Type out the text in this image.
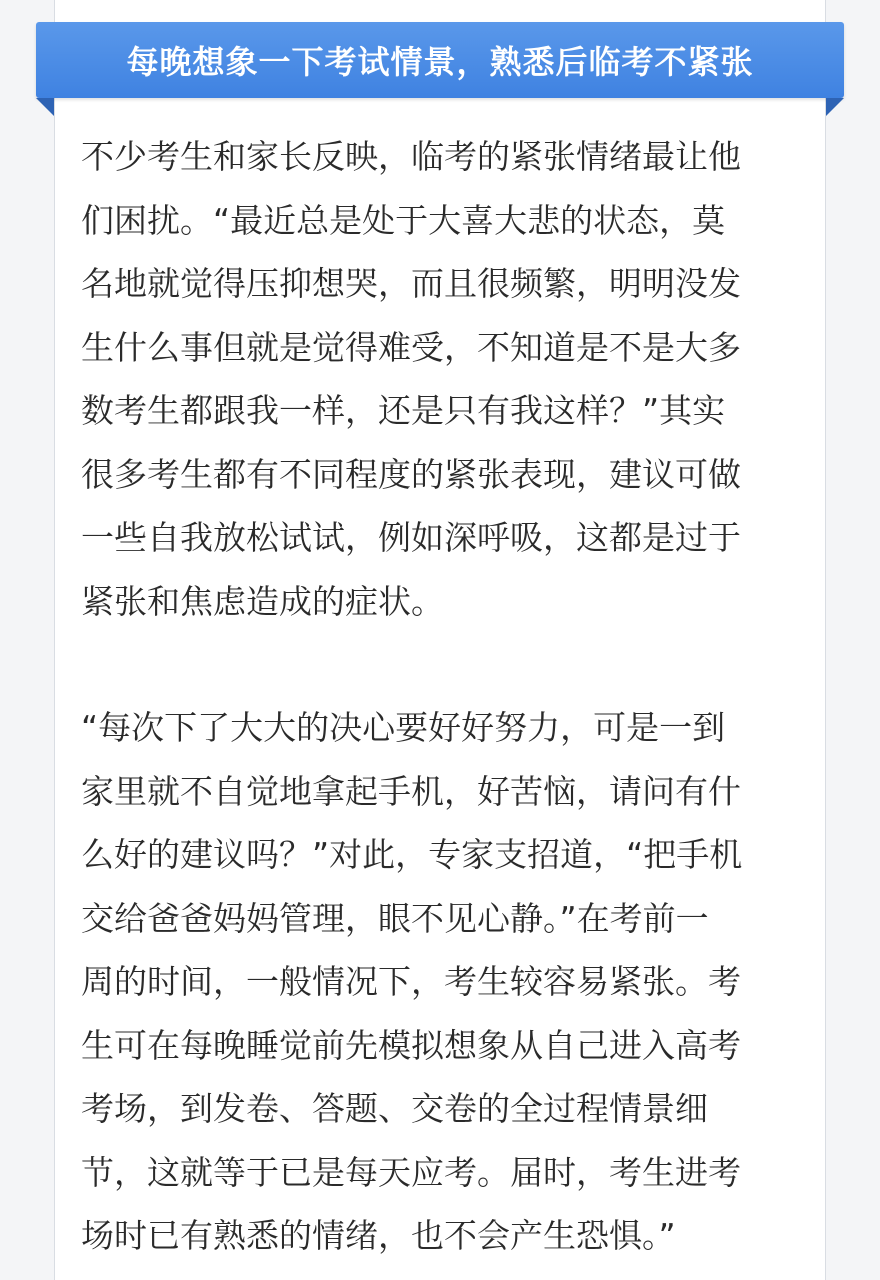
每晚想象一下考试情景，熟悉后临考不紧张

不少考生和家长反映，临考的紧张情绪最让他
们困扰。“最近总是处于大喜大悲的状态，莫
名地就觉得压抑想哭，而且很频繁，明明没发
生什么事但就是觉得难受，不知道是不是大多
数考生都跟我一样，还是只有我这样？”其实
很多考生都有不同程度的紧张表现，建议可做
一些自我放松试试，例如深呼吸，这都是过于
紧张和焦虑造成的症状。

“每次下了大大的决心要好好努力，可是一到
家里就不自觉地拿起手机，好苦恼，请问有什
么好的建议吗？”对此，专家支招道，“把手机
交给爸爸妈妈管理，眼不见心静。”在考前一
周的时间，一般情况下，考生较容易紧张。考
生可在每晚睡觉前先模拟想象从自己进入高考
考场，到发卷、答题、交卷的全过程情景细
节，这就等于已是每天应考。届时，考生进考
场时已有熟悉的情绪，也不会产生恐惧。”
